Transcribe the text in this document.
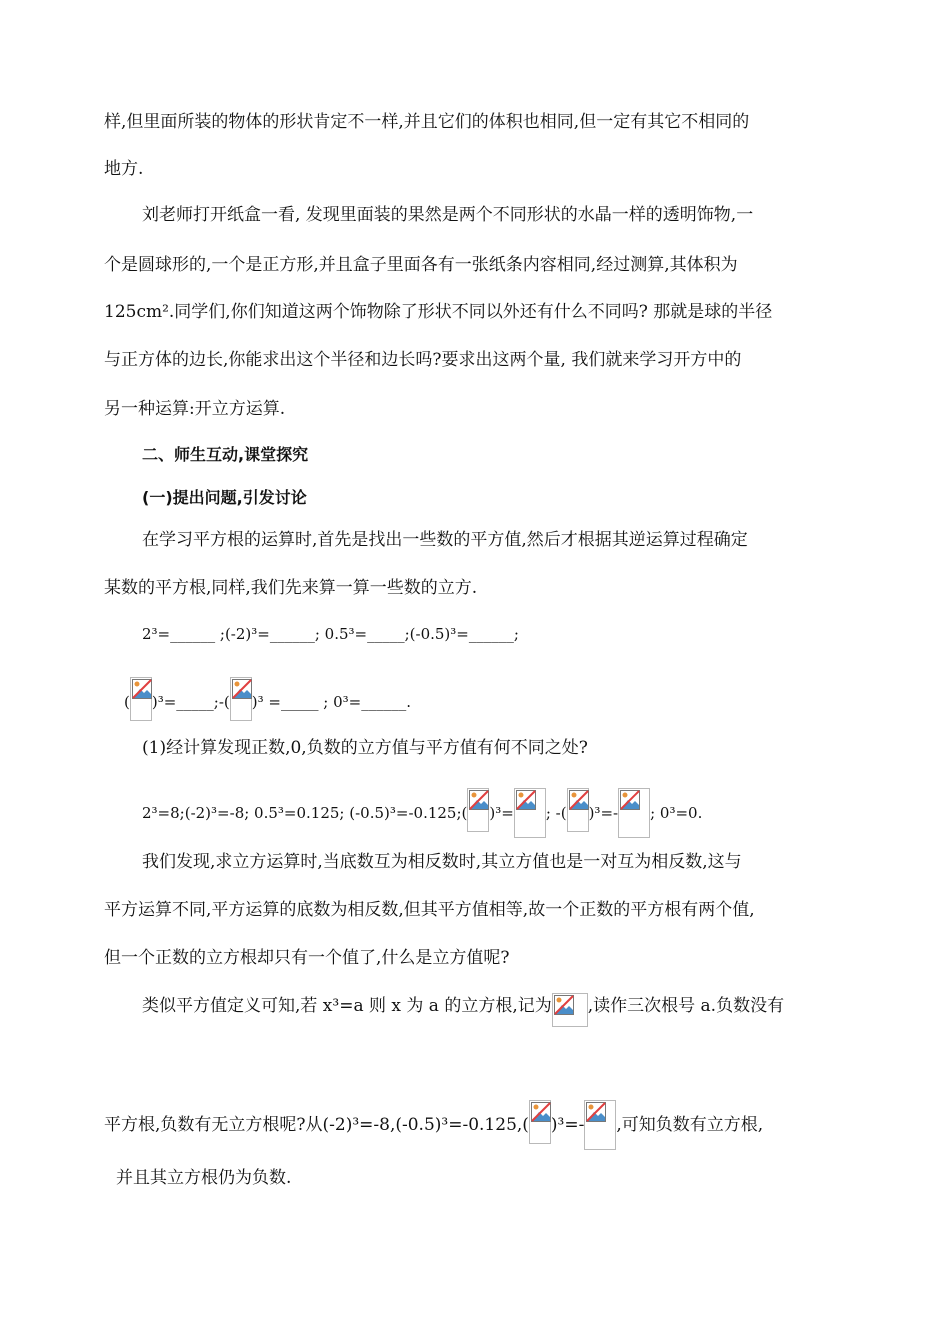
样,但里面所装的物体的形状肯定不一样,并且它们的体积也相同,但一定有其它不相同的
地方.
刘老师打开纸盒一看, 发现里面装的果然是两个不同形状的水晶一样的透明饰物,一
个是圆球形的,一个是正方形,并且盒子里面各有一张纸条内容相同,经过测算,其体积为
125cm².同学们,你们知道这两个饰物除了形状不同以外还有什么不同吗? 那就是球的半径
与正方体的边长,你能求出这个半径和边长吗?要求出这两个量, 我们就来学习开方中的
另一种运算:开立方运算.
二、师生互动,课堂探究
(一)提出问题,引发讨论
在学习平方根的运算时,首先是找出一些数的平方值,然后才根据其逆运算过程确定
某数的平方根,同样,我们先来算一算一些数的立方.
2³=______ ;(-2)³=______; 0.5³=_____;(-0.5)³=______;
( )³=_____;-( )³ =_____ ; 0³=______.
(1)经计算发现正数,0,负数的立方值与平方值有何不同之处?
2³=8;(-2)³=-8; 0.5³=0.125; (-0.5)³=-0.125;( )³= ; -( )³=- ; 0³=0.
我们发现,求立方运算时,当底数互为相反数时,其立方值也是一对互为相反数,这与
平方运算不同,平方运算的底数为相反数,但其平方值相等,故一个正数的平方根有两个值,
但一个正数的立方根却只有一个值了,什么是立方值呢?
类似平方值定义可知,若 x³=a 则 x 为 a 的立方根,记为 ,读作三次根号 a.负数没有
平方根,负数有无立方根呢?从(-2)³=-8,(-0.5)³=-0.125,( )³=- ,可知负数有立方根,
并且其立方根仍为负数.
